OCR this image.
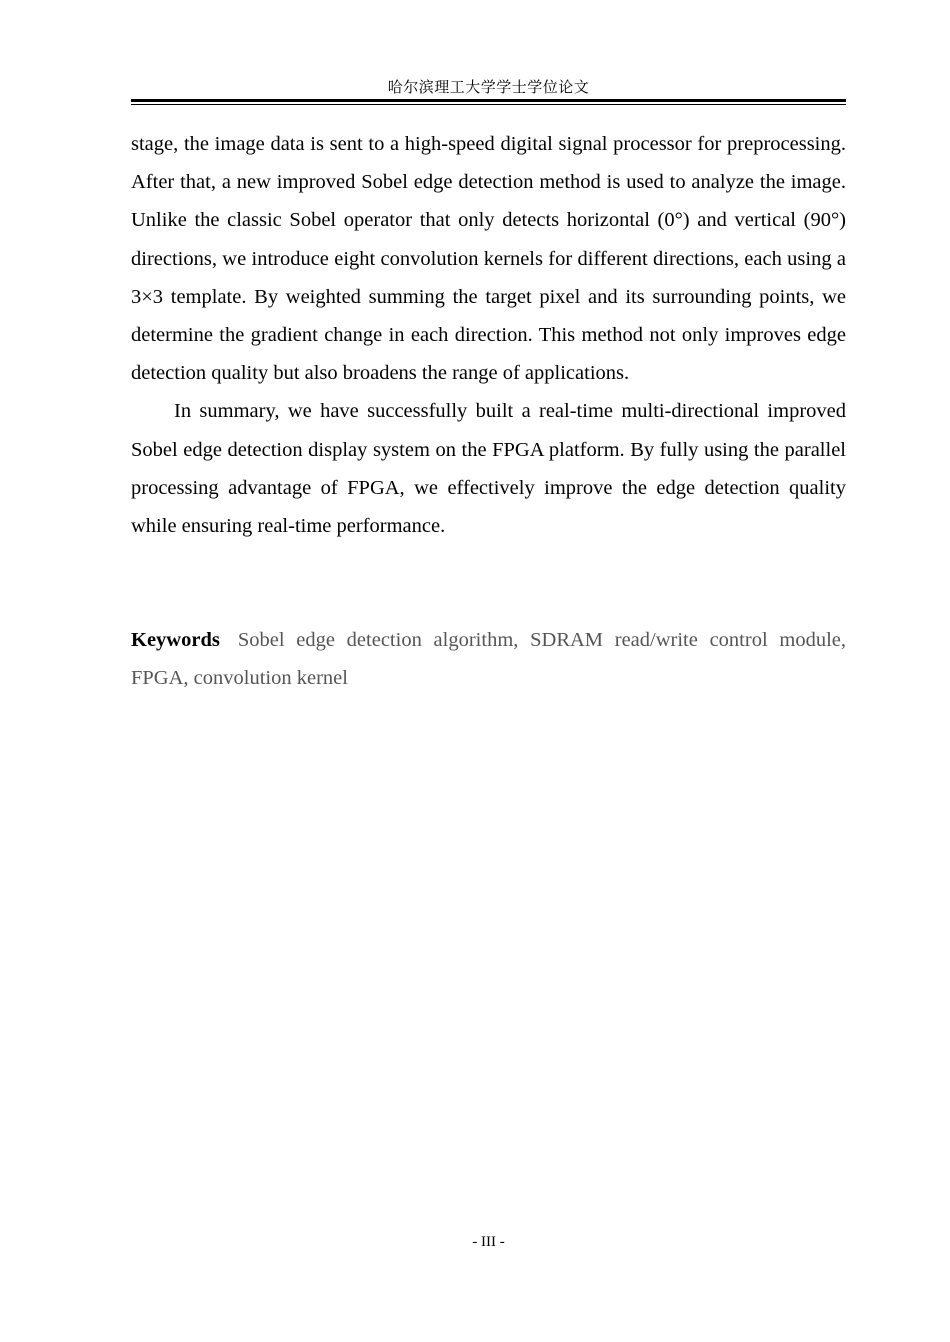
哈尔滨理工大学学士学位论文

stage, the image data is sent to a high-speed digital signal processor for preprocessing. After that, a new improved Sobel edge detection method is used to analyze the image. Unlike the classic Sobel operator that only detects horizontal (0°) and vertical (90°) directions, we introduce eight convolution kernels for different directions, each using a 3×3 template. By weighted summing the target pixel and its surrounding points, we determine the gradient change in each direction. This method not only improves edge detection quality but also broadens the range of applications.

In summary, we have successfully built a real-time multi-directional improved Sobel edge detection display system on the FPGA platform. By fully using the parallel processing advantage of FPGA, we effectively improve the edge detection quality while ensuring real-time performance.

Keywords Sobel edge detection algorithm, SDRAM read/write control module, FPGA, convolution kernel
- III -
